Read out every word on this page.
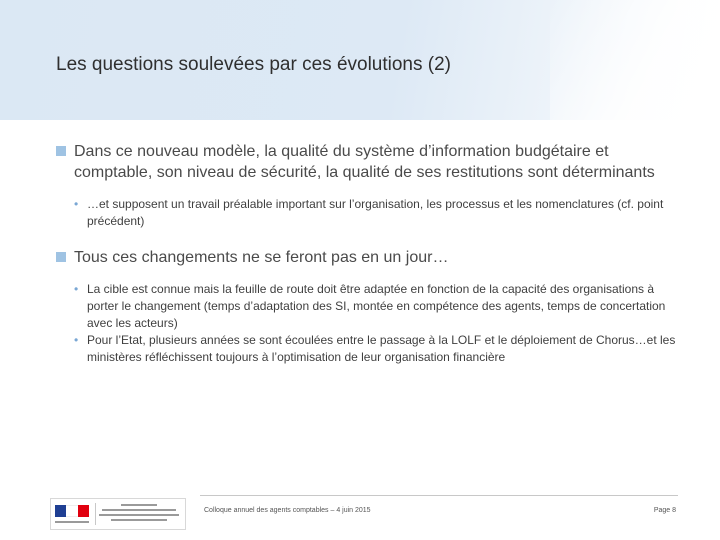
Les questions soulevées par ces évolutions (2)
Dans ce nouveau modèle, la qualité du système d’information budgétaire et comptable, son niveau de sécurité, la qualité de ses restitutions sont déterminants
• …et supposent un travail préalable important sur l’organisation, les processus et les nomenclatures (cf. point précédent)
Tous ces changements ne se feront pas en un jour…
• La cible est connue mais la feuille de route doit être adaptée en fonction de la capacité des organisations à porter le changement (temps d’adaptation des SI, montée en compétence des agents, temps de concertation avec les acteurs)
• Pour l’Etat, plusieurs années se sont écoulées entre le passage à la LOLF et le déploiement de Chorus…et les ministères réfléchissent toujours à l’optimisation de leur organisation financière
Colloque annuel des agents comptables – 4 juin 2015	Page 8
